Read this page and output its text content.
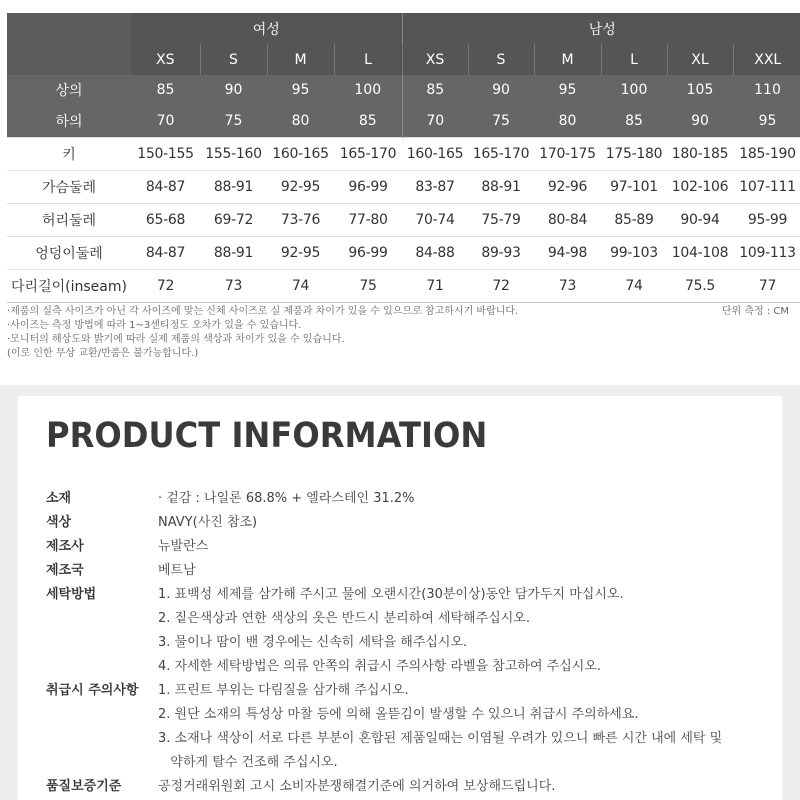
	여성				남성					
	XS	S	M	L	XS	S	M	L	XL	XXL
상의	85	90	95	100	85	90	95	100	105	110
하의	70	75	80	85	70	75	80	85	90	95
키	150-155	155-160	160-165	165-170	160-165	165-170	170-175	175-180	180-185	185-190
가슴둘레	84-87	88-91	92-95	96-99	83-87	88-91	92-96	97-101	102-106	107-111
허리둘레	65-68	69-72	73-76	77-80	70-74	75-79	80-84	85-89	90-94	95-99
엉덩이둘레	84-87	88-91	92-95	96-99	84-88	89-93	94-98	99-103	104-108	109-113
다리길이(inseam)	72	73	74	75	71	72	73	74	75.5	77
·제품의 실측 사이즈가 아닌 각 사이즈에 맞는 신체 사이즈로 실 제품과 차이가 있을 수 있으므로 참고하시기 바랍니다.
·사이즈는 측정 방법에 따라 1~3센티정도 오차가 있을 수 있습니다.
·모니터의 해상도와 밝기에 따라 실제 제품의 색상과 차이가 있을 수 있습니다.
(이로 인한 무상 교환/반품은 불가능합니다.)
단위 측정 : CM
PRODUCT INFORMATION
소재	· 겉감 : 나일론 68.8% + 엘라스테인 31.2%
색상	NAVY(사진 참조)
제조사	뉴발란스
제조국	베트남
세탁방법	1. 표백성 세제를 삼가해 주시고 물에 오랜시간(30분이상)동안 담가두지 마십시오.
2. 짙은색상과 연한 색상의 옷은 반드시 분리하여 세탁해주십시오.
3. 물이나 땀이 밴 경우에는 신속히 세탁을 해주십시오.
4. 자세한 세탁방법은 의류 안쪽의 취급시 주의사항 라벨을 참고하여 주십시오.
취급시 주의사항 1. 프린트 부위는 다림질을 삼가해 주십시오.
2. 원단 소재의 특성상 마찰 등에 의해 올뜯김이 발생할 수 있으니 취급시 주의하세요.
3. 소재나 색상이 서로 다른 부분이 혼합된 제품일때는 이염될 우려가 있으니 빠른 시간 내에 세탁 및
약하게 탈수 건조해 주십시오.
품질보증기준	공정거래위원회 고시 소비자분쟁해결기준에 의거하여 보상해드립니다.
